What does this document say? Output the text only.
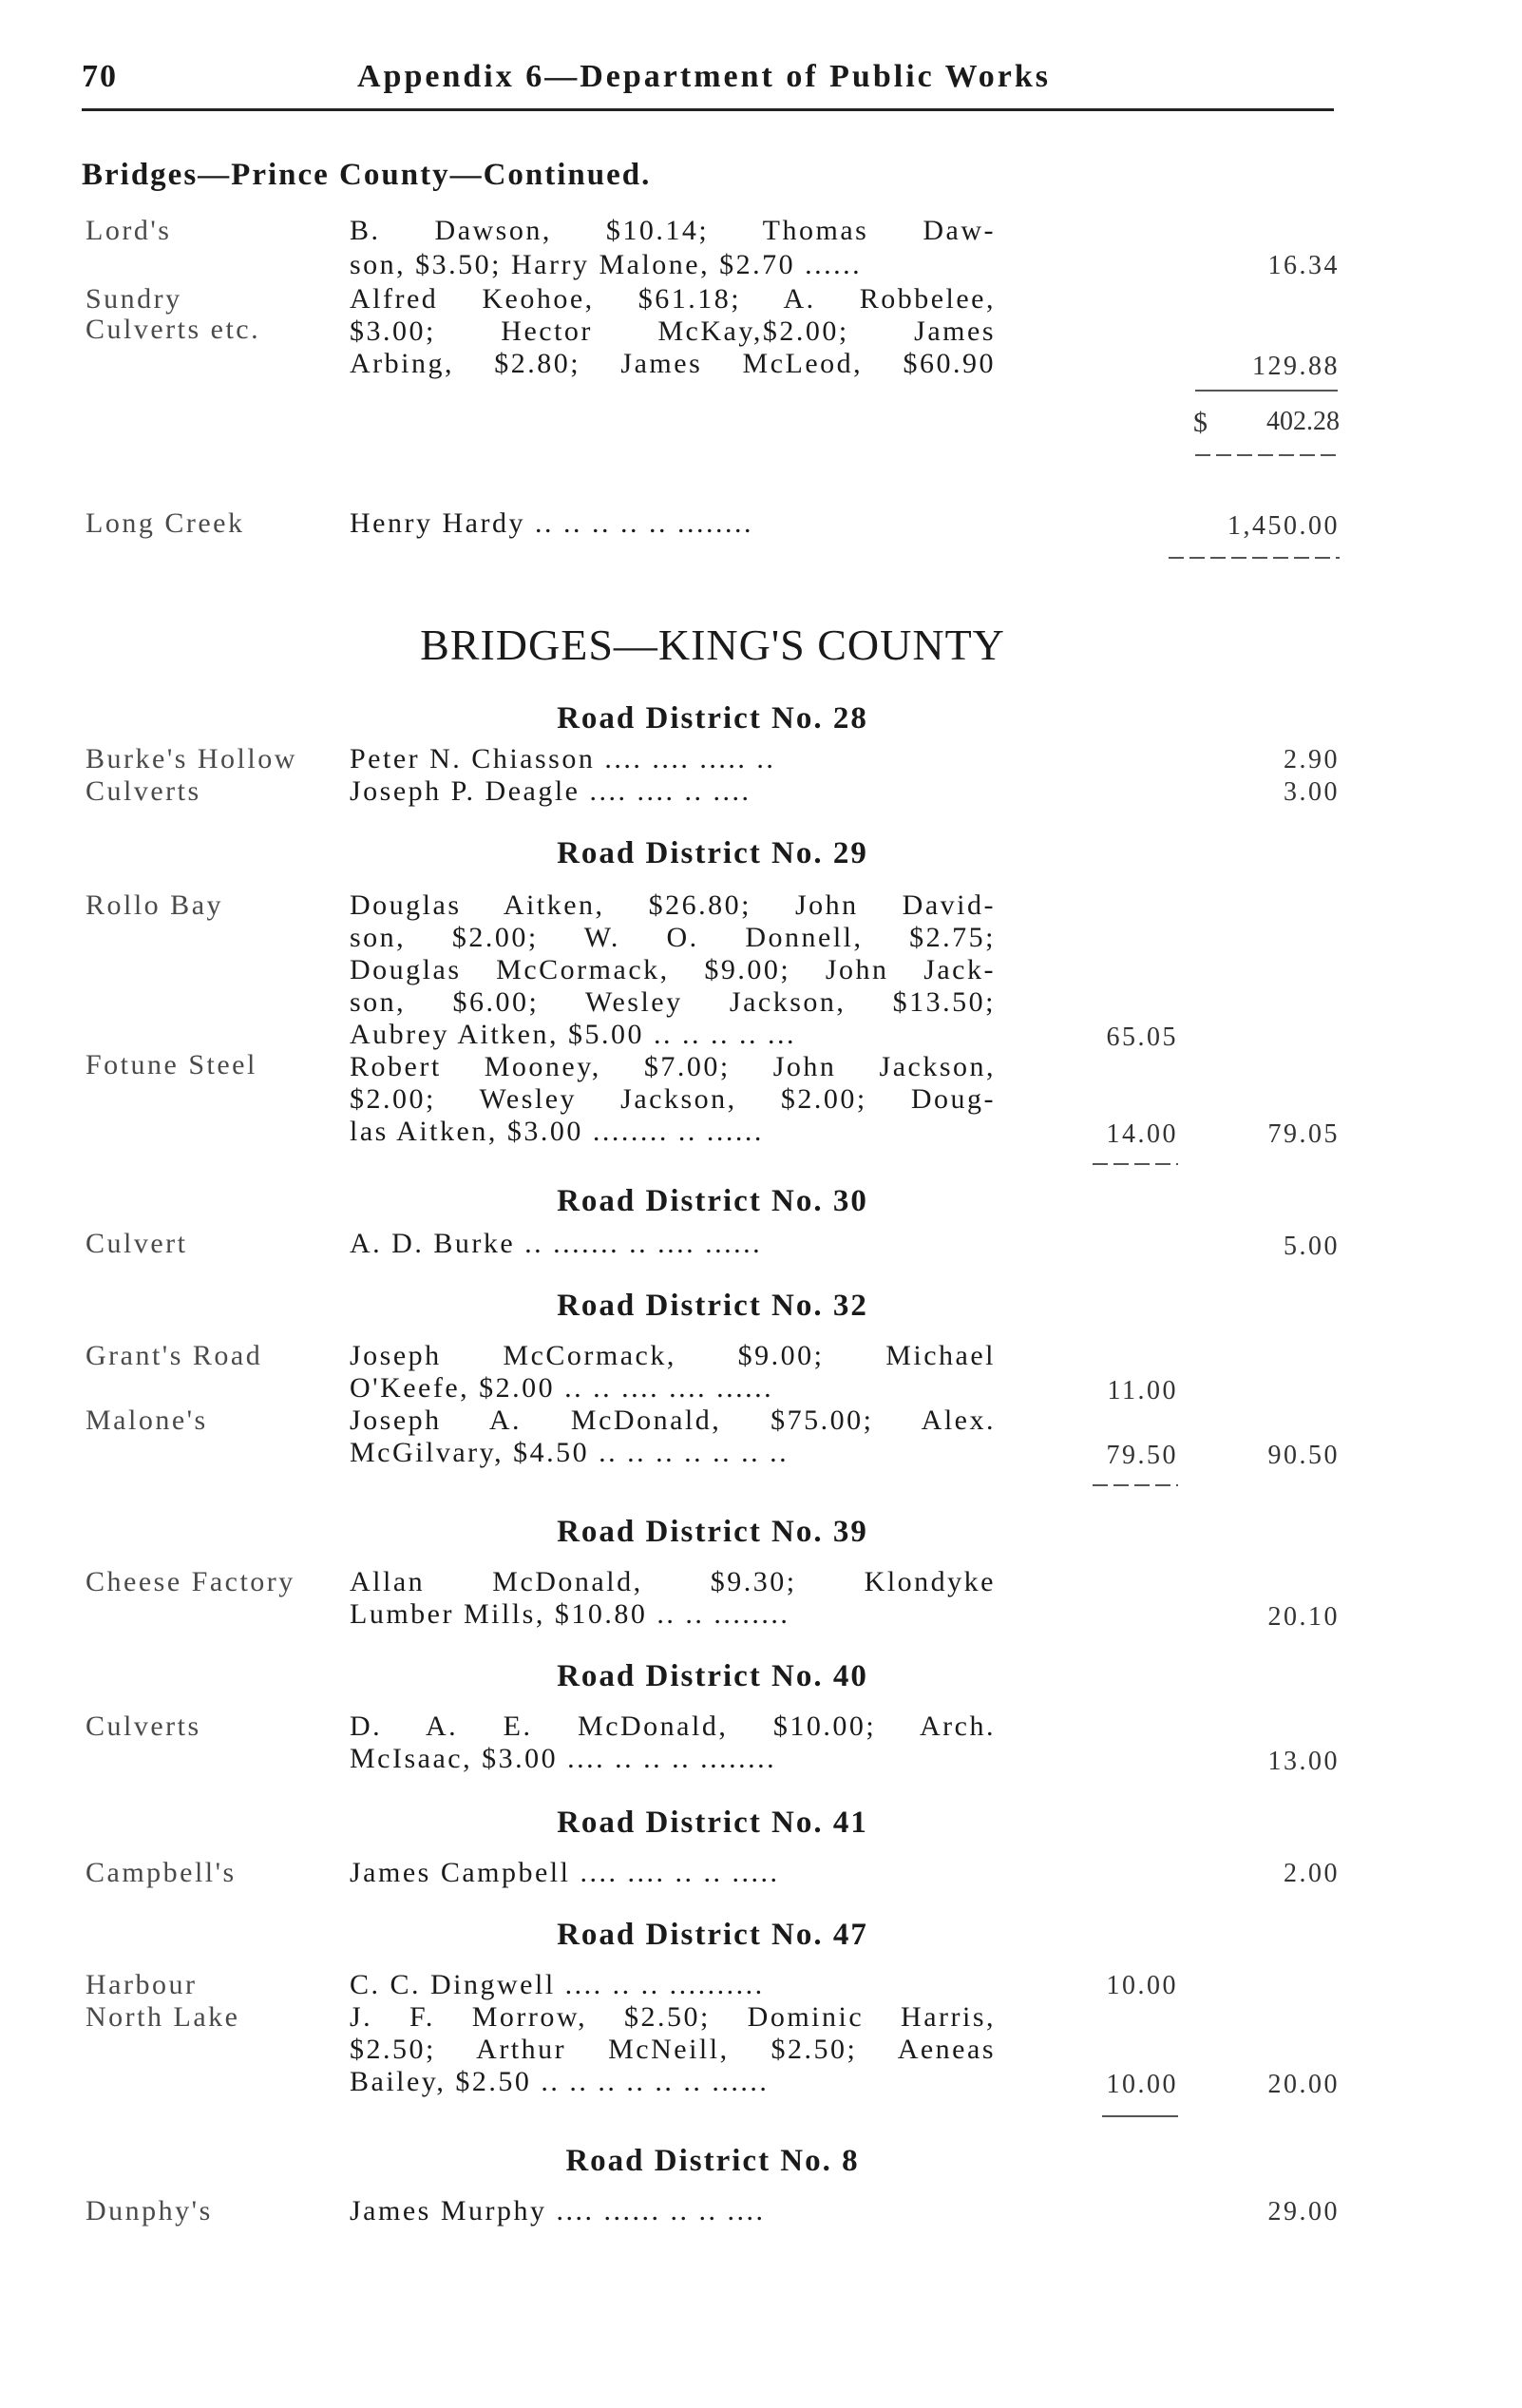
70	Appendix 6—Department of Public Works
Bridges—Prince County—Continued.
Lord's	B. Dawson, $10.14; Thomas Daw-
son, $3.50; Harry Malone, $2.70 ......	16.34
Sundry
Culverts etc.
Alfred Keohoe, $61.18; A. Robbelee,
$3.00; Hector McKay,$2.00; James
Arbing, $2.80; James McLeod, $60.90	129.88
$	402.28
Long Creek	Henry Hardy .. .. .. .. .. ........	1,450.00
BRIDGES—KING'S COUNTY
Road District No. 28
Burke's Hollow Peter N. Chiasson .... .... ..... ..	2.90
Culverts	Joseph P. Deagle .... .... .. ....	3.00
Road District No. 29
Rollo Bay	Douglas Aitken, $26.80; John David-
son, $2.00; W. O. Donnell, $2.75;
Douglas McCormack, $9.00; John Jack-
son, $6.00; Wesley Jackson, $13.50;
Aubrey Aitken, $5.00 .. .. .. .. ...	65.05
Fotune Steel	Robert Mooney, $7.00; John Jackson,
$2.00; Wesley Jackson, $2.00; Doug-
las Aitken, $3.00 ........ .. ......	14.00	79.05
Road District No. 30
Culvert	A. D. Burke .. ....... .. .... ......	5.00
Road District No. 32
Grant's Road	Joseph McCormack, $9.00; Michael
O'Keefe, $2.00 .. .. .... .... ......	11.00
Malone's	Joseph A. McDonald, $75.00; Alex.
McGilvary, $4.50 .. .. .. .. .. .. ..	79.50	90.50
Road District No. 39
Cheese Factory Allan McDonald, $9.30; Klondyke
Lumber Mills, $10.80 .. .. ........	20.10
Road District No. 40
Culverts	D. A. E. McDonald, $10.00; Arch.
McIsaac, $3.00 .... .. .. .. ........	13.00
Road District No. 41
Campbell's	James Campbell .... .... .. .. .....	2.00
Road District No. 47
Harbour	C. C. Dingwell .... .. .. ..........	10.00
North Lake	J. F. Morrow, $2.50; Dominic Harris,
$2.50; Arthur McNeill, $2.50; Aeneas
Bailey, $2.50 .. .. .. .. .. .. ......	10.00	20.00
Road District No. 8
Dunphy's	James Murphy .... ...... .. .. ....	29.00
